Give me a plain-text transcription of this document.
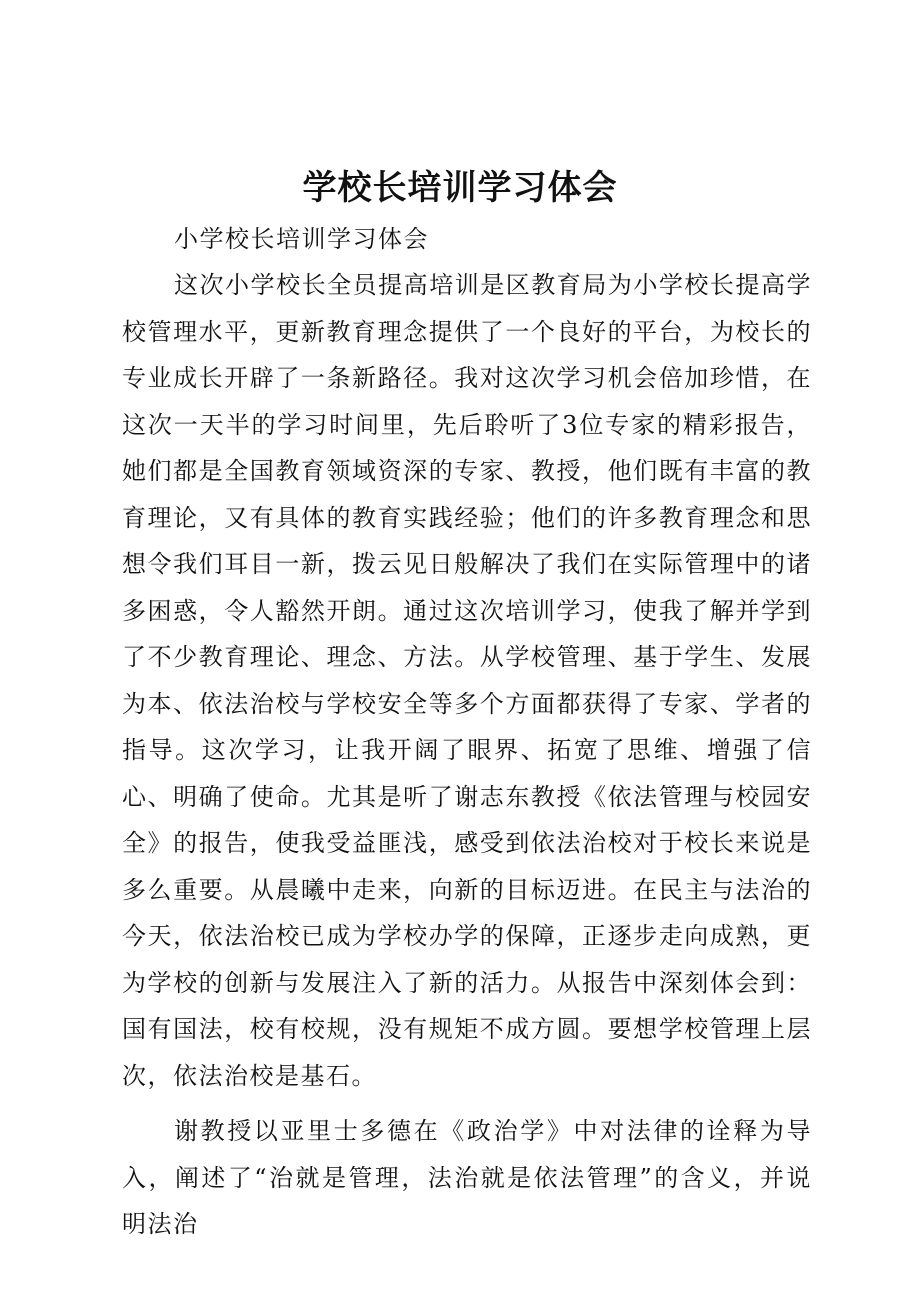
学校长培训学习体会

小学校长培训学习体会

这次小学校长全员提高培训是区教育局为小学校长提高学校管理水平，更新教育理念提供了一个良好的平台，为校长的专业成长开辟了一条新路径。我对这次学习机会倍加珍惜，在这次一天半的学习时间里，先后聆听了3位专家的精彩报告，她们都是全国教育领域资深的专家、教授，他们既有丰富的教育理论，又有具体的教育实践经验；他们的许多教育理念和思想令我们耳目一新，拨云见日般解决了我们在实际管理中的诸多困惑，令人豁然开朗。通过这次培训学习，使我了解并学到了不少教育理论、理念、方法。从学校管理、基于学生、发展为本、依法治校与学校安全等多个方面都获得了专家、学者的指导。这次学习，让我开阔了眼界、拓宽了思维、增强了信心、明确了使命。尤其是听了谢志东教授《依法管理与校园安全》的报告，使我受益匪浅，感受到依法治校对于校长来说是多么重要。从晨曦中走来，向新的目标迈进。在民主与法治的今天，依法治校已成为学校办学的保障，正逐步走向成熟，更为学校的创新与发展注入了新的活力。从报告中深刻体会到：国有国法，校有校规，没有规矩不成方圆。要想学校管理上层次，依法治校是基石。

谢教授以亚里士多德在《政治学》中对法律的诠释为导入，阐述了“治就是管理，法治就是依法管理”的含义，并说明法治
